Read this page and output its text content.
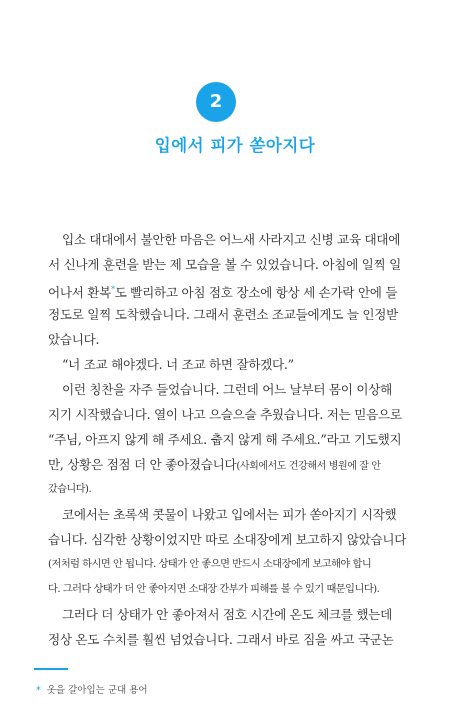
2
입에서 피가 쏟아지다
입소 대대에서 불안한 마음은 어느새 사라지고 신병 교육 대대에
서 신나게 훈련을 받는 제 모습을 볼 수 있었습니다. 아침에 일찍 일
어나서 환복*도 빨리하고 아침 점호 장소에 항상 세 손가락 안에 들
정도로 일찍 도착했습니다. 그래서 훈련소 조교들에게도 늘 인정받
았습니다.
“너 조교 해야겠다. 너 조교 하면 잘하겠다.”
이런 칭찬을 자주 들었습니다. 그런데 어느 날부터 몸이 이상해
지기 시작했습니다. 열이 나고 으슬으슬 추웠습니다. 저는 믿음으로
“주님, 아프지 않게 해 주세요. 춥지 않게 해 주세요.”라고 기도했지
만, 상황은 점점 더 안 좋아졌습니다(사회에서도 건강해서 병원에 잘 안
갔습니다).
코에서는 초록색 콧물이 나왔고 입에서는 피가 쏟아지기 시작했
습니다. 심각한 상황이었지만 따로 소대장에게 보고하지 않았습니다
(저처럼 하시면 안 됩니다. 상태가 안 좋으면 반드시 소대장에게 보고해야 합니
다. 그러다 상태가 더 안 좋아지면 소대장 간부가 피해를 볼 수 있기 때문입니다).
그러다 더 상태가 안 좋아져서 점호 시간에 온도 체크를 했는데
정상 온도 수치를 훨씬 넘었습니다. 그래서 바로 짐을 싸고 국군논
* 옷을 갈아입는 군대 용어
